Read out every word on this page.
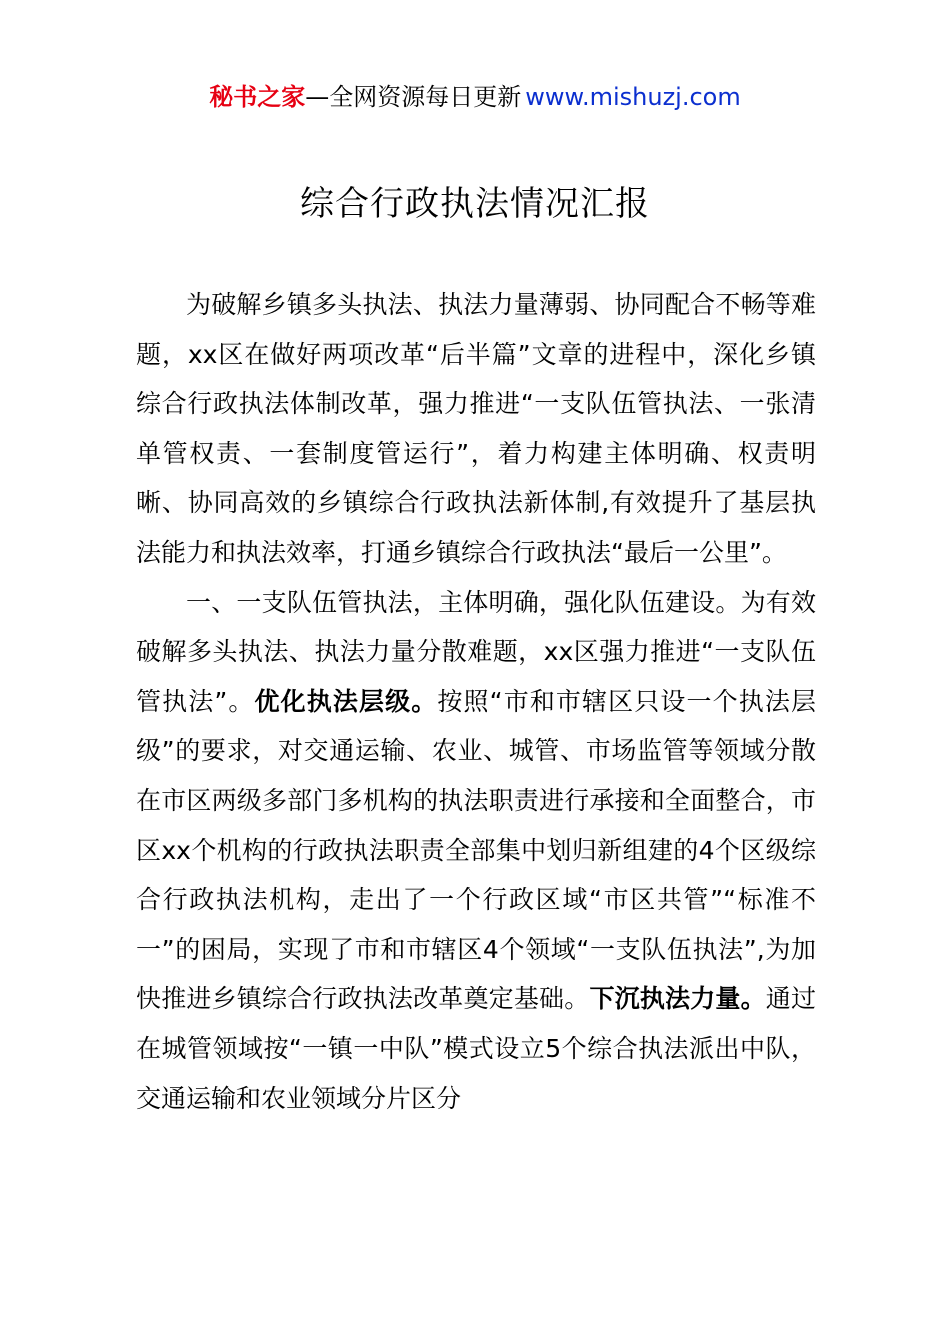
秘书之家—全网资源每日更新 www.mishuzj.com
综合行政执法情况汇报

为破解乡镇多头执法、执法力量薄弱、协同配合不畅等难题，xx区在做好两项改革“后半篇”文章的进程中，深化乡镇综合行政执法体制改革，强力推进“一支队伍管执法、一张清单管权责、一套制度管运行”，着力构建主体明确、权责明晰、协同高效的乡镇综合行政执法新体制,有效提升了基层执法能力和执法效率，打通乡镇综合行政执法“最后一公里”。

一、一支队伍管执法，主体明确，强化队伍建设。为有效破解多头执法、执法力量分散难题，xx区强力推进“一支队伍管执法”。优化执法层级。按照“市和市辖区只设一个执法层级”的要求，对交通运输、农业、城管、市场监管等领域分散在市区两级多部门多机构的执法职责进行承接和全面整合，市区xx个机构的行政执法职责全部集中划归新组建的4个区级综合行政执法机构，走出了一个行政区域“市区共管”“标准不一”的困局，实现了市和市辖区4个领域“一支队伍执法”,为加快推进乡镇综合行政执法改革奠定基础。下沉执法力量。通过在城管领域按“一镇一中队”模式设立5个综合执法派出中队，交通运输和农业领域分片区分
